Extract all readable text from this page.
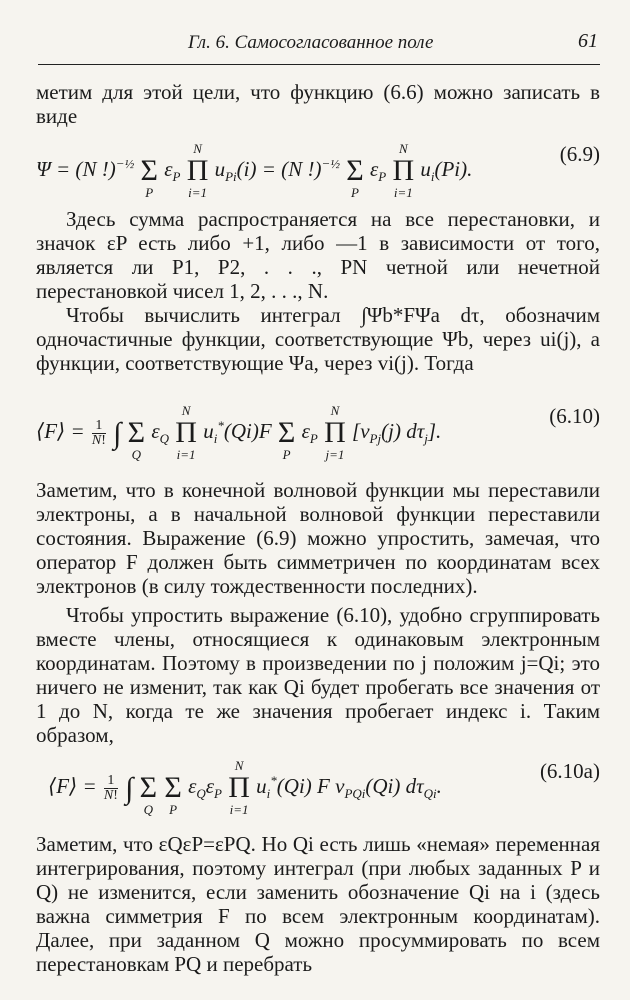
Гл. 6. Самосогласованное поле	61

метим для этой цели, что функцию (6.6) можно записать в виде

Ψ = (N !)$^{-\frac{1}{2}}$
Σ
P
$\varepsilon_P$
N
Π
i=1
$u_{Pi}(i) = (N$ !)$^{-\frac{1}{2}}$
Σ
P
$\varepsilon_P$
N
Π
i=1
$u_i(Pi)$.
(6.9)

Здесь сумма распространяется на все перестановки, и значок εP есть либо +1, либо —1 в зависимости от того, является ли P1, P2, . . ., PN четной или нечетной перестановкой чисел 1, 2, . . ., N.

Чтобы вычислить интеграл ∫Ψb*FΨa dτ, обозначим одночастичные функции, соответствующие Ψb, через ui(j), а функции, соответствующие Ψa, через vi(j). Тогда

⟨F⟩ = $\frac{1}{N!}$ ∫
Σ
Q
$\varepsilon_Q$
N
Π
i=1
$u_i^*(Qi)F$
Σ
P
$\varepsilon_P$
N
Π
j=1
[$v_{Pj}(j)$ $d\tau_j$].
(6.10)

Заметим, что в конечной волновой функции мы переставили электроны, а в начальной волновой функции переставили состояния. Выражение (6.9) можно упростить, замечая, что оператор F должен быть симметричен по координатам всех электронов (в силу тождественности последних).

Чтобы упростить выражение (6.10), удобно сгруппировать вместе члены, относящиеся к одинаковым электронным координатам. Поэтому в произведении по j положим j=Qi; это ничего не изменит, так как Qi будет пробегать все значения от 1 до N, когда те же значения пробегает индекс i. Таким образом,

⟨F⟩ = $\frac{1}{N!}$ ∫
Σ
Q

Σ
P
$\varepsilon_Q\varepsilon_P$
N
Π
i=1
$u_i^*(Qi)$ F $v_{PQi}(Qi)$ $d\tau_{Qi}$.
(6.10a)

Заметим, что εQεP=εPQ. Но Qi есть лишь «немая» переменная интегрирования, поэтому интеграл (при любых заданных P и Q) не изменится, если заменить обозначение Qi на i (здесь важна симметрия F по всем электронным координатам). Далее, при заданном Q можно просуммировать по всем перестановкам PQ и перебрать
